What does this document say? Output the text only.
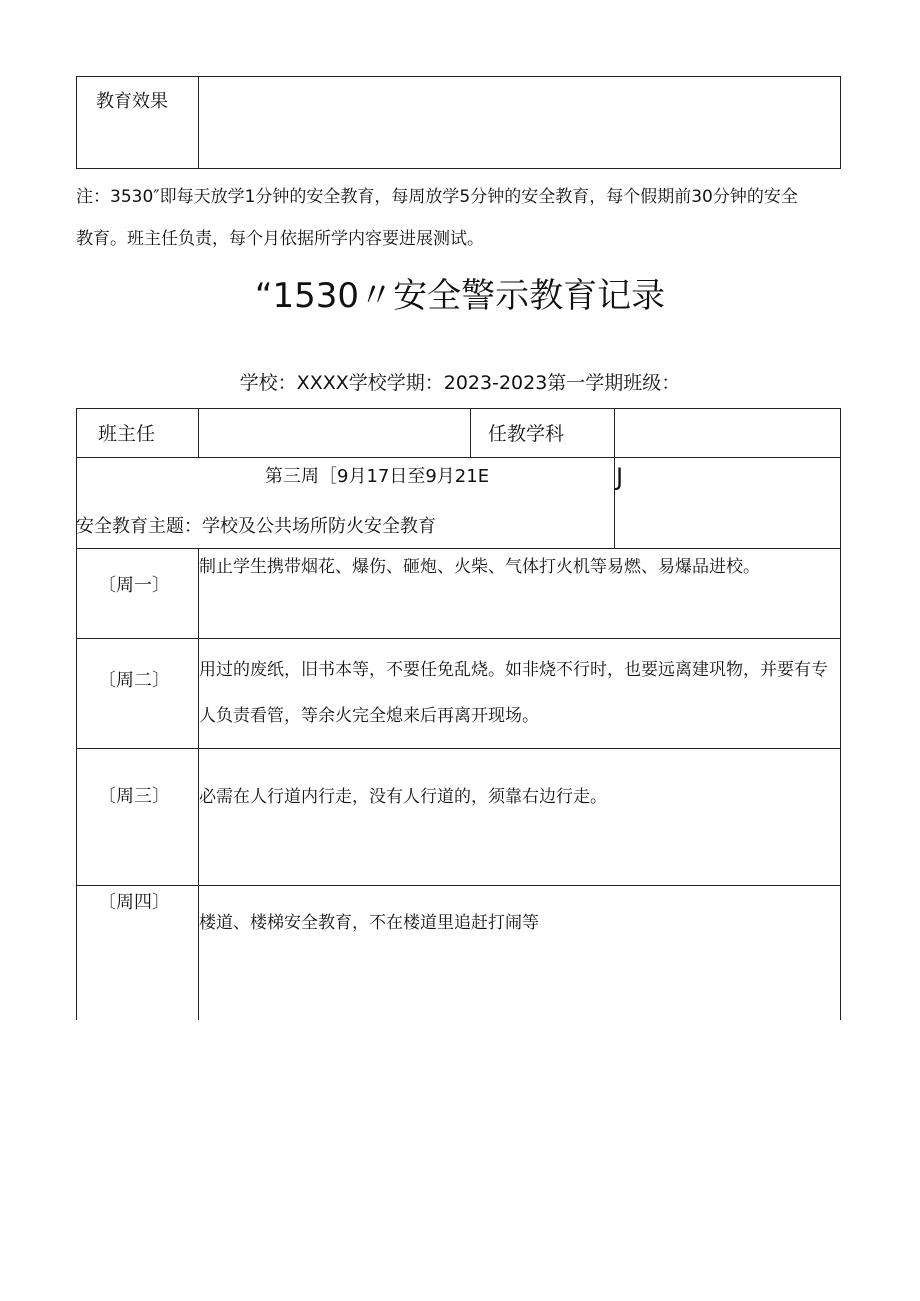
教育效果
注：3530″即每天放学1分钟的安全教育，每周放学5分钟的安全教育，每个假期前30分钟的安全
教育。班主任负责，每个月依据所学内容要进展测试。
“1530〃安全警示教育记录
学校：XXXX学校学期：2023-2023第一学期班级：
班主任	任教学科
第三周［9月17日至9月21E	J
安全教育主题：学校及公共场所防火安全教育
〔周一〕
制止学生携带烟花、爆伤、砸炮、火柴、气体打火机等易燃、易爆品进校。
〔周二〕 用过的废纸，旧书本等，不要任免乱烧。如非烧不行时，也要远离建巩物，并要有专
人负责看管，等余火完全熄来后再离开现场。
〔周三〕 必需在人行道内行走，没有人行道的，须靠右边行走。
〔周四〕
楼道、楼梯安全教育，不在楼道里追赶打闹等
